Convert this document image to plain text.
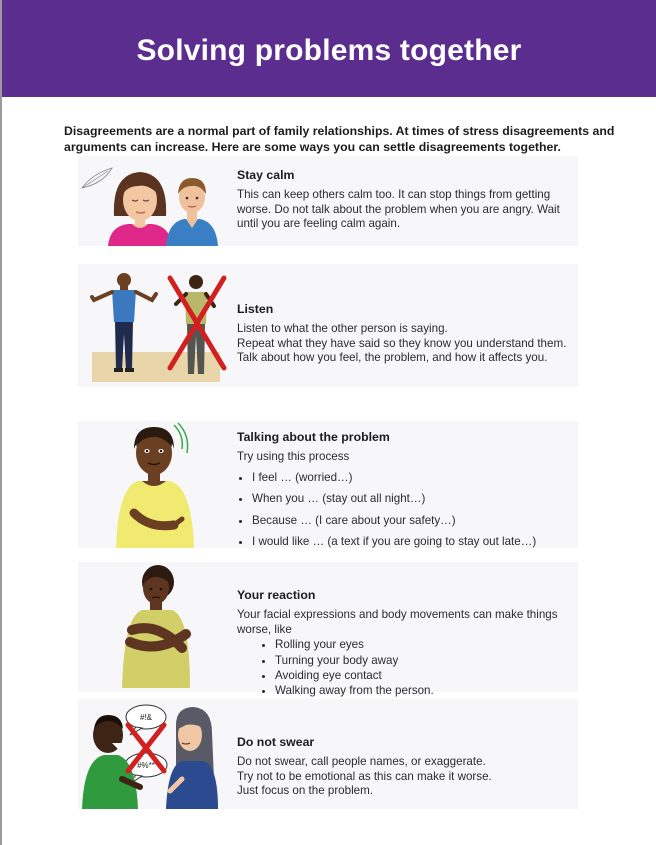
Solving problems together

Disagreements are a normal part of family relationships. At times of stress disagreements and arguments can increase. Here are some ways you can settle disagreements together.

Stay calm

This can keep others calm too. It can stop things from getting worse. Do not talk about the problem when you are angry. Wait until you are feeling calm again.

Listen

Listen to what the other person is saying.

Repeat what they have said so they know you understand them.

Talk about how you feel, the problem, and how it affects you.

Talking about the problem

Try using this process

• I feel … (worried…)
• When you … (stay out all night…)
• Because … (I care about your safety…)
• I would like … (a text if you are going to stay out late…)

Your reaction

Your facial expressions and body movements can make things worse, like

• Rolling your eyes
• Turning your body away
• Avoiding eye contact
• Walking away from the person.
#!&
#%**

Do not swear

Do not swear, call people names, or exaggerate.

Try not to be emotional as this can make it worse.

Just focus on the problem.
